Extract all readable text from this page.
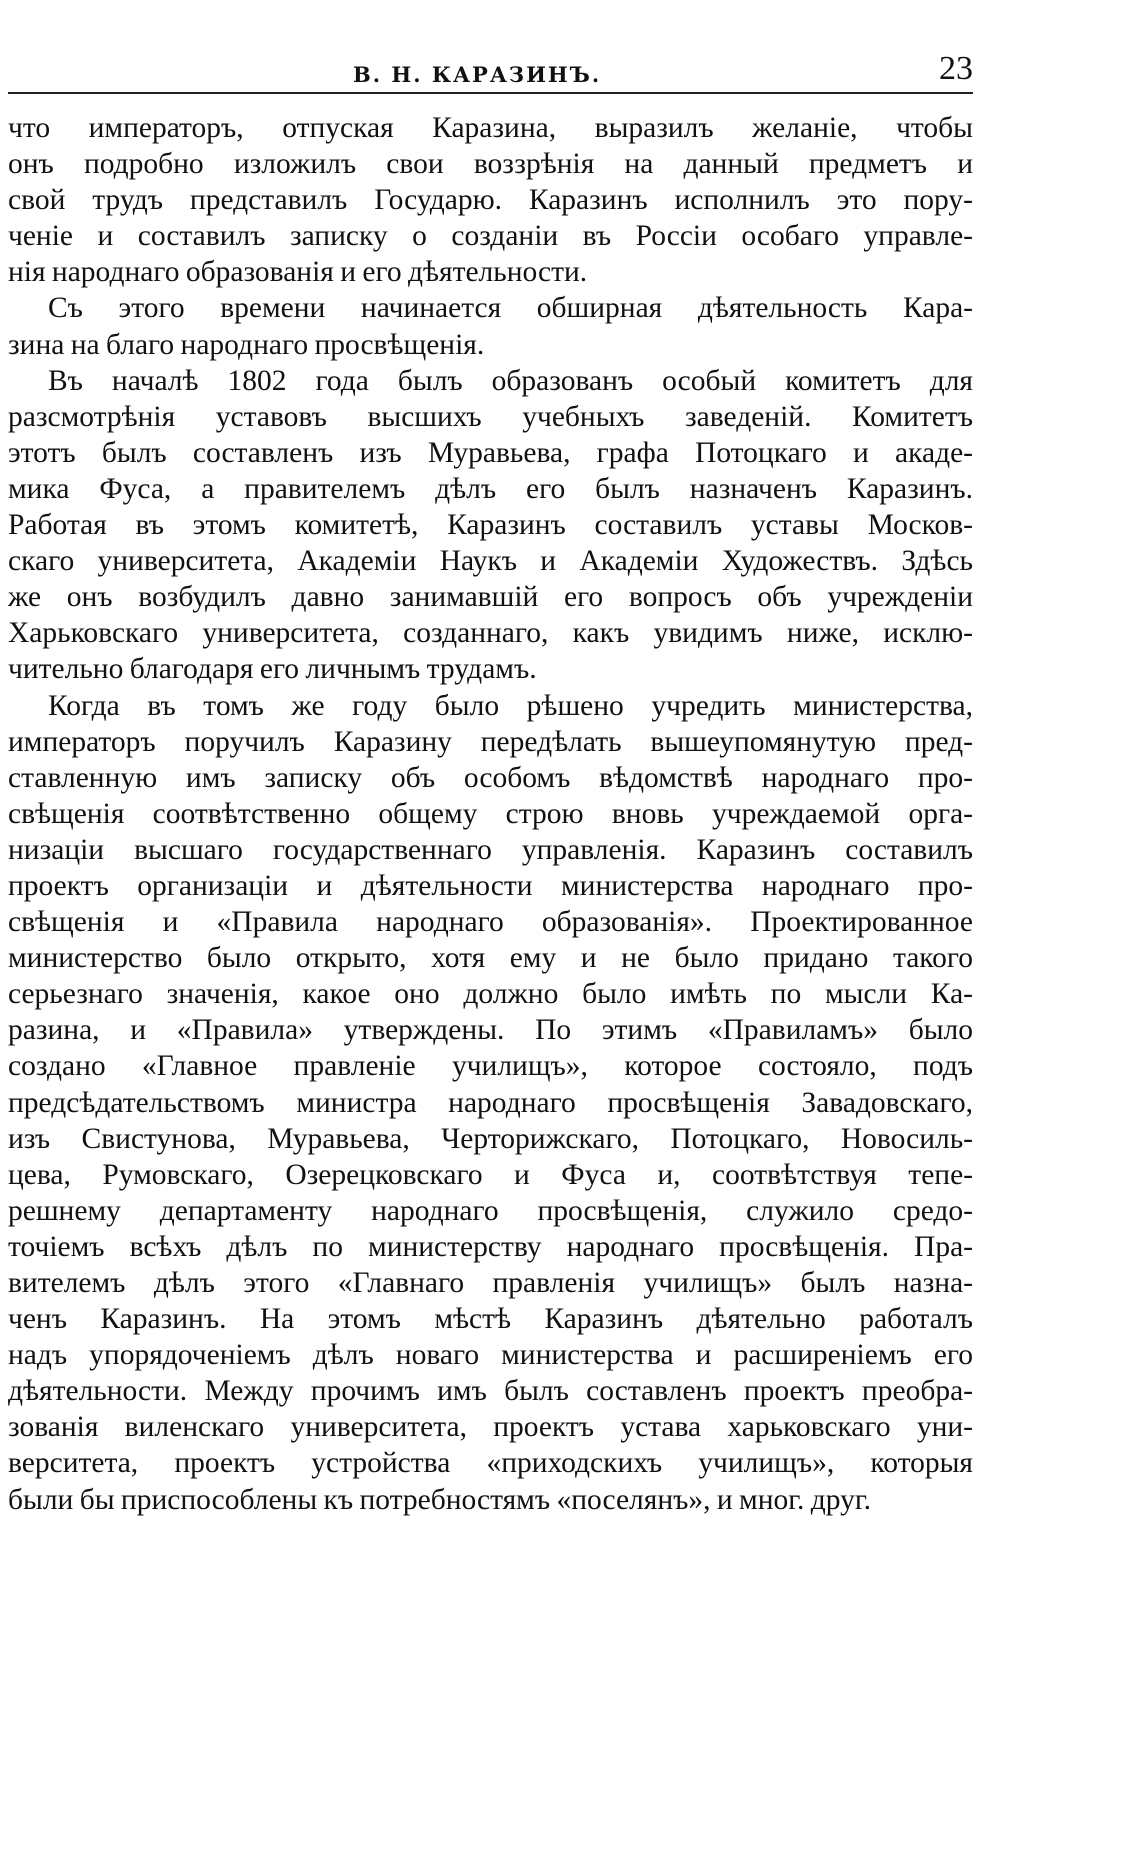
В. Н. КАРАЗИНЪ.	23
что императоръ, отпуская Каразина, выразилъ желаніе, чтобы
онъ подробно изложилъ свои воззрѣнія на данный предметъ и
свой трудъ представилъ Государю. Каразинъ исполнилъ это пору-
ченіе и составилъ записку о созданіи въ Россіи особаго управле-
нія народнаго образованія и его дѣятельности.
Съ этого времени начинается обширная дѣятельность Кара-
зина на благо народнаго просвѣщенія.
Въ началѣ 1802 года былъ образованъ особый комитетъ для
разсмотрѣнія уставовъ высшихъ учебныхъ заведеній. Комитетъ
этотъ былъ составленъ изъ Муравьева, графа Потоцкаго и акаде-
мика Фуса, а правителемъ дѣлъ его былъ назначенъ Каразинъ.
Работая въ этомъ комитетѣ, Каразинъ составилъ уставы Москов-
скаго университета, Академіи Наукъ и Академіи Художествъ. Здѣсь
же онъ возбудилъ давно занимавшій его вопросъ объ учрежденіи
Харьковскаго университета, созданнаго, какъ увидимъ ниже, исклю-
чительно благодаря его личнымъ трудамъ.
Когда въ томъ же году было рѣшено учредить министерства,
императоръ поручилъ Каразину передѣлать вышеупомянутую пред-
ставленную имъ записку объ особомъ вѣдомствѣ народнаго про-
свѣщенія соотвѣтственно общему строю вновь учреждаемой орга-
низаціи высшаго государственнаго управленія. Каразинъ составилъ
проектъ организаціи и дѣятельности министерства народнаго про-
свѣщенія и «Правила народнаго образованія». Проектированное
министерство было открыто, хотя ему и не было придано такого
серьезнаго значенія, какое оно должно было имѣть по мысли Ка-
разина, и «Правила» утверждены. По этимъ «Правиламъ» было
создано «Главное правленіе училищъ», которое состояло, подъ
предсѣдательствомъ министра народнаго просвѣщенія Завадовскаго,
изъ Свистунова, Муравьева, Черторижскаго, Потоцкаго, Новосиль-
цева, Румовскаго, Озерецковскаго и Фуса и, соотвѣтствуя тепе-
решнему департаменту народнаго просвѣщенія, служило средо-
точіемъ всѣхъ дѣлъ по министерству народнаго просвѣщенія. Пра-
вителемъ дѣлъ этого «Главнаго правленія училищъ» былъ назна-
ченъ Каразинъ. На этомъ мѣстѣ Каразинъ дѣятельно работалъ
надъ упорядоченіемъ дѣлъ новаго министерства и расширеніемъ его
дѣятельности. Между прочимъ имъ былъ составленъ проектъ преобра-
зованія виленскаго университета, проектъ устава харьковскаго уни-
верситета, проектъ устройства «приходскихъ училищъ», которыя
были бы приспособлены къ потребностямъ «поселянъ», и мног. друг.
